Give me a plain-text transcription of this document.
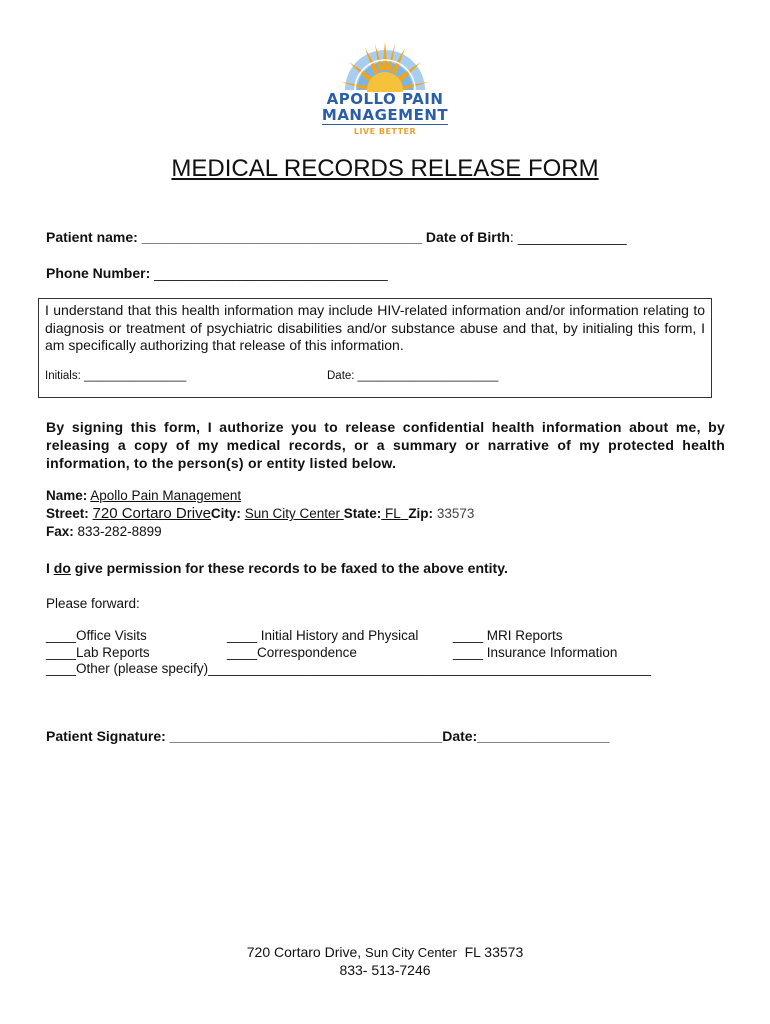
APOLLO PAIN
MANAGEMENT
LIVE BETTER
MEDICAL RECORDS RELEASE FORM
Patient name: ____________________________________ Date of Birth: ______________
Phone Number: ______________________________
I understand that this health information may include HIV-related information and/or information relating to diagnosis or treatment of psychiatric disabilities and/or substance abuse and that, by initialing this form, I am specifically authorizing that release of this information.
Initials: ________________	Date: ______________________
By signing this form, I authorize you to release confidential health information about me, by releasing a copy of my medical records, or a summary or narrative of my protected health information, to the person(s) or entity listed below.
Name: Apollo Pain Management
Street: 720 Cortaro DriveCity: Sun City Center State: FL Zip: 33573
Fax: 833-282-8899
I do give permission for these records to be faxed to the above entity.
Please forward:
____Office Visits	____ Initial History and Physical	____ MRI Reports
____Lab Reports	____Correspondence	____ Insurance Information
____Other (please specify)___________________________________________________________
Patient Signature: ___________________________________Date:_________________
720 Cortaro Drive, Sun City Center FL 33573
833- 513-7246
